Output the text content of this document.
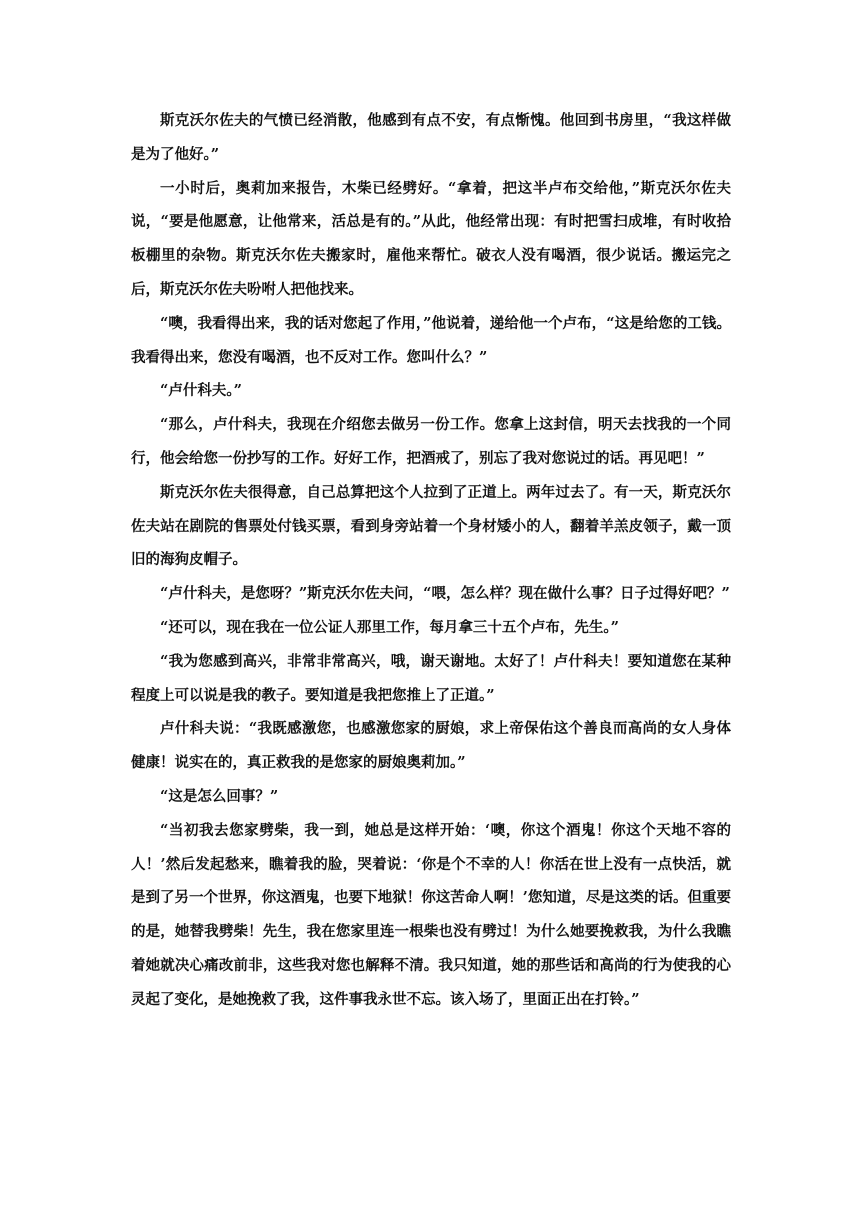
斯克沃尔佐夫的气愤已经消散，他感到有点不安，有点惭愧。他回到书房里，“我这样做是为了他好。”

一小时后，奥莉加来报告，木柴已经劈好。“拿着，把这半卢布交给他，”斯克沃尔佐夫说，“要是他愿意，让他常来，活总是有的。”从此，他经常出现：有时把雪扫成堆，有时收拾板棚里的杂物。斯克沃尔佐夫搬家时，雇他来帮忙。破衣人没有喝酒，很少说话。搬运完之后，斯克沃尔佐夫吩咐人把他找来。

“噢，我看得出来，我的话对您起了作用，”他说着，递给他一个卢布，“这是给您的工钱。我看得出来，您没有喝酒，也不反对工作。您叫什么？”

“卢什科夫。”

“那么，卢什科夫，我现在介绍您去做另一份工作。您拿上这封信，明天去找我的一个同行，他会给您一份抄写的工作。好好工作，把酒戒了，别忘了我对您说过的话。再见吧！”

斯克沃尔佐夫很得意，自己总算把这个人拉到了正道上。两年过去了。有一天，斯克沃尔佐夫站在剧院的售票处付钱买票，看到身旁站着一个身材矮小的人，翻着羊羔皮领子，戴一顶旧的海狗皮帽子。

“卢什科夫，是您呀？”斯克沃尔佐夫问，“喂，怎么样？现在做什么事？日子过得好吧？”

“还可以，现在我在一位公证人那里工作，每月拿三十五个卢布，先生。”

“我为您感到高兴，非常非常高兴，哦，谢天谢地。太好了！卢什科夫！要知道您在某种程度上可以说是我的教子。要知道是我把您推上了正道。”

卢什科夫说：“我既感激您，也感激您家的厨娘，求上帝保佑这个善良而高尚的女人身体健康！说实在的，真正救我的是您家的厨娘奥莉加。”

“这是怎么回事？”

“当初我去您家劈柴，我一到，她总是这样开始：‘噢，你这个酒鬼！你这个天地不容的人！’然后发起愁来，瞧着我的脸，哭着说：‘你是个不幸的人！你活在世上没有一点快活，就是到了另一个世界，你这酒鬼，也要下地狱！你这苦命人啊！’您知道，尽是这类的话。但重要的是，她替我劈柴！先生，我在您家里连一根柴也没有劈过！为什么她要挽救我，为什么我瞧着她就决心痛改前非，这些我对您也解释不清。我只知道，她的那些话和高尚的行为使我的心灵起了变化，是她挽救了我，这件事我永世不忘。该入场了，里面正出在打铃。”
